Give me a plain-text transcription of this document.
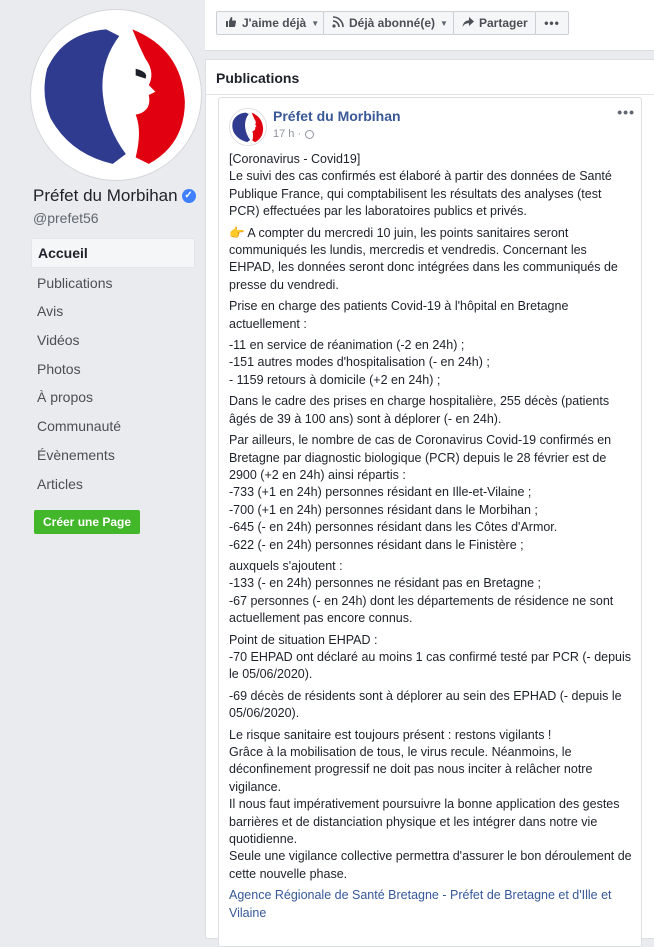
Préfet du Morbihan ✓
@prefet56
Accueil
Publications
Avis
Vidéos
Photos
À propos
Communauté
Évènements
Articles
Créer une Page
J'aime déjà ▼ Déjà abonné(e) ▼	Partager	•••
Publications
Préfet du Morbihan
17 h ·
•••

[Coronavirus - Covid19]
Le suivi des cas confirmés est élaboré à partir des données de Santé Publique France, qui comptabilisent les résultats des analyses (test PCR) effectuées par les laboratoires publics et privés.

👉 A compter du mercredi 10 juin, les points sanitaires seront communiqués les lundis, mercredis et vendredis. Concernant les EHPAD, les données seront donc intégrées dans les communiqués de presse du vendredi.

Prise en charge des patients Covid-19 à l'hôpital en Bretagne actuellement :

-11 en service de réanimation (-2 en 24h) ;
-151 autres modes d'hospitalisation (- en 24h) ;
- 1159 retours à domicile (+2 en 24h) ;

Dans le cadre des prises en charge hospitalière, 255 décès (patients âgés de 39 à 100 ans) sont à déplorer (- en 24h).

Par ailleurs, le nombre de cas de Coronavirus Covid-19 confirmés en Bretagne par diagnostic biologique (PCR) depuis le 28 février est de 2900 (+2 en 24h) ainsi répartis :
-733 (+1 en 24h) personnes résidant en Ille-et-Vilaine ;
-700 (+1 en 24h) personnes résidant dans le Morbihan ;
-645 (- en 24h) personnes résidant dans les Côtes d'Armor.
-622 (- en 24h) personnes résidant dans le Finistère ;

auxquels s'ajoutent :
-133 (- en 24h) personnes ne résidant pas en Bretagne ;
-67 personnes (- en 24h) dont les départements de résidence ne sont actuellement pas encore connus.

Point de situation EHPAD :
-70 EHPAD ont déclaré au moins 1 cas confirmé testé par PCR (- depuis le 05/06/2020).

-69 décès de résidents sont à déplorer au sein des EPHAD (- depuis le 05/06/2020).

Le risque sanitaire est toujours présent : restons vigilants !
Grâce à la mobilisation de tous, le virus recule. Néanmoins, le déconfinement progressif ne doit pas nous inciter à relâcher notre vigilance.
Il nous faut impérativement poursuivre la bonne application des gestes barrières et de distanciation physique et les intégrer dans notre vie quotidienne.
Seule une vigilance collective permettra d'assurer le bon déroulement de cette nouvelle phase.

Agence Régionale de Santé Bretagne - Préfet de Bretagne et d'Ille et Vilaine
